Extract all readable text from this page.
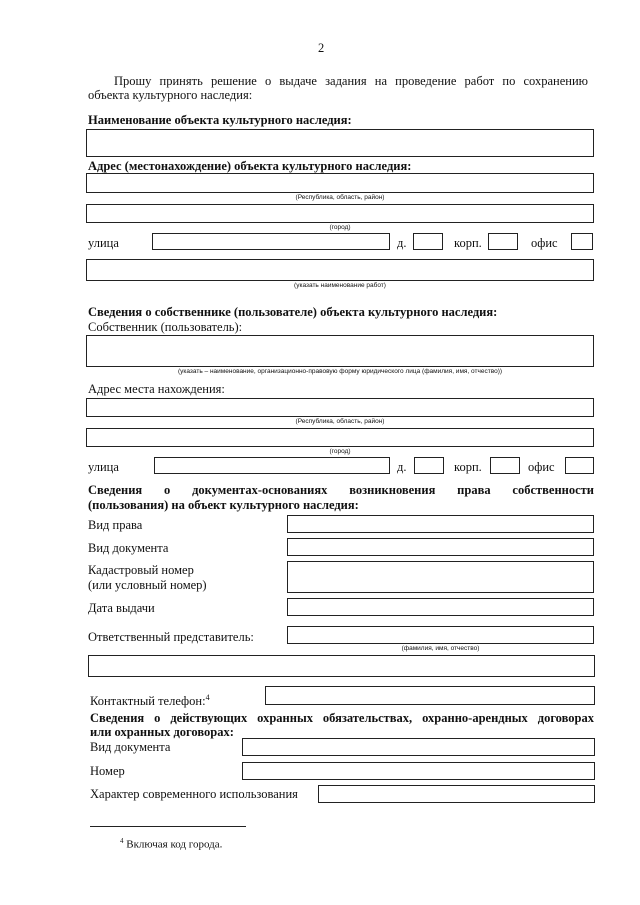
2
Прошу принять решение о выдаче задания на проведение работ по сохранению
объекта культурного наследия:
Наименование объекта культурного наследия:
Адрес (местонахождение) объекта культурного наследия:
(Республика, область, район)
(город)
улица	д.	корп.	офис
(указать наименование работ)
Сведения о собственнике (пользователе) объекта культурного наследия:
Собственник (пользователь):
(указать – наименование, организационно-правовую форму юридического лица (фамилия, имя, отчество))
Адрес места нахождения:
(Республика, область, район)
(город)
улица	д.	корп.	офис
Сведения о документах-основаниях возникновения права собственности
(пользования) на объект культурного наследия:
Вид права
Вид документа
Кадастровый номер
(или условный номер)
Дата выдачи
Ответственный представитель:
(фамилия, имя, отчество)
Контактный телефон:$^4$
Сведения о действующих охранных обязательствах, охранно-арендных договорах
или охранных договорах:
Вид документа
Номер
Характер современного использования
$^4$ Включая код города.
